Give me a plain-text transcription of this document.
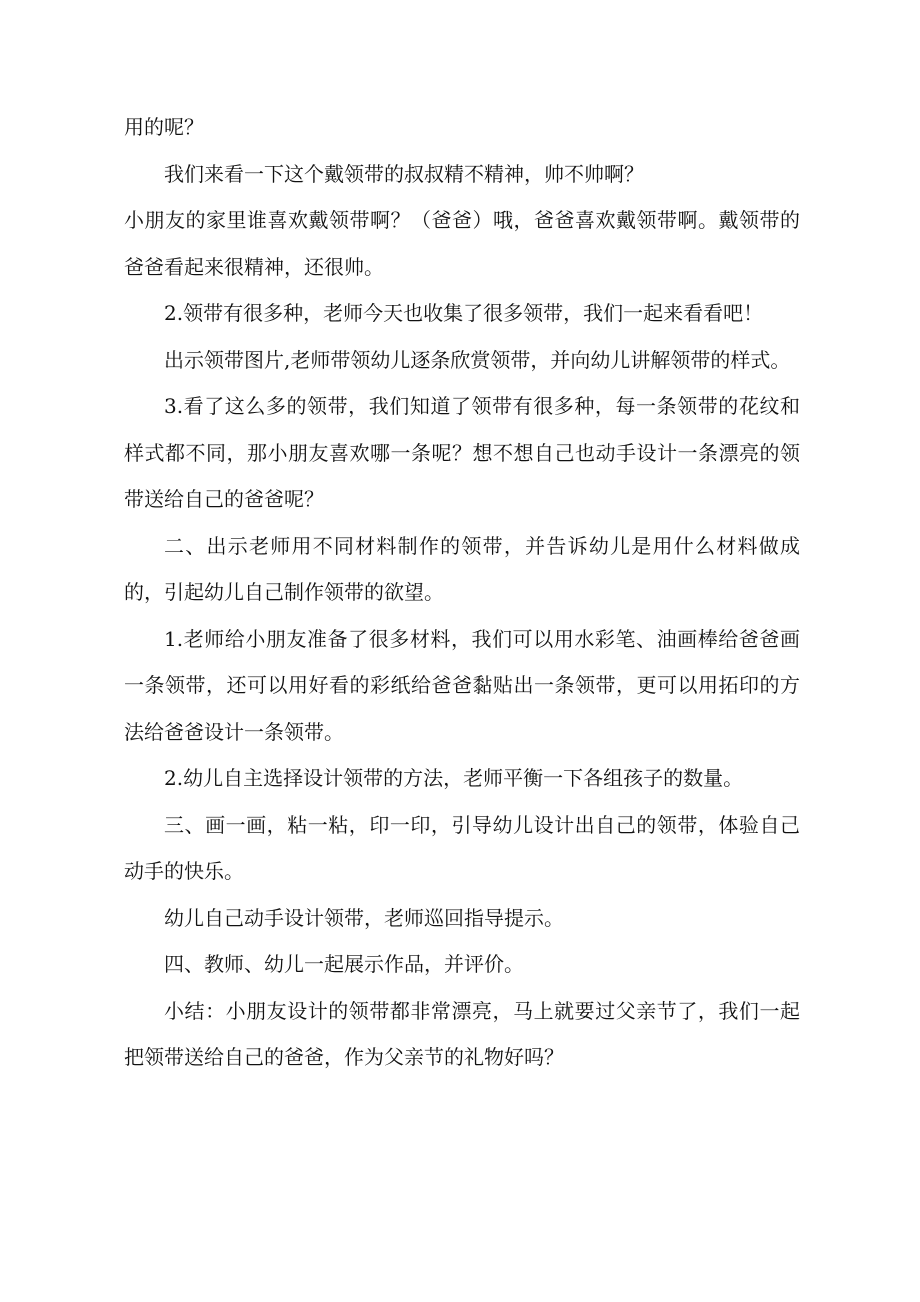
用的呢？

我们来看一下这个戴领带的叔叔精不精神，帅不帅啊？

小朋友的家里谁喜欢戴领带啊？（爸爸）哦，爸爸喜欢戴领带啊。戴领带的爸爸看起来很精神，还很帅。

2.领带有很多种，老师今天也收集了很多领带，我们一起来看看吧！

出示领带图片,老师带领幼儿逐条欣赏领带，并向幼儿讲解领带的样式。

3.看了这么多的领带，我们知道了领带有很多种，每一条领带的花纹和样式都不同，那小朋友喜欢哪一条呢？想不想自己也动手设计一条漂亮的领带送给自己的爸爸呢？

二、出示老师用不同材料制作的领带，并告诉幼儿是用什么材料做成的，引起幼儿自己制作领带的欲望。

1.老师给小朋友准备了很多材料，我们可以用水彩笔、油画棒给爸爸画一条领带，还可以用好看的彩纸给爸爸黏贴出一条领带，更可以用拓印的方法给爸爸设计一条领带。

2.幼儿自主选择设计领带的方法，老师平衡一下各组孩子的数量。

三、画一画，粘一粘，印一印，引导幼儿设计出自己的领带，体验自己动手的快乐。

幼儿自己动手设计领带，老师巡回指导提示。

四、教师、幼儿一起展示作品，并评价。

小结：小朋友设计的领带都非常漂亮，马上就要过父亲节了，我们一起把领带送给自己的爸爸，作为父亲节的礼物好吗？
